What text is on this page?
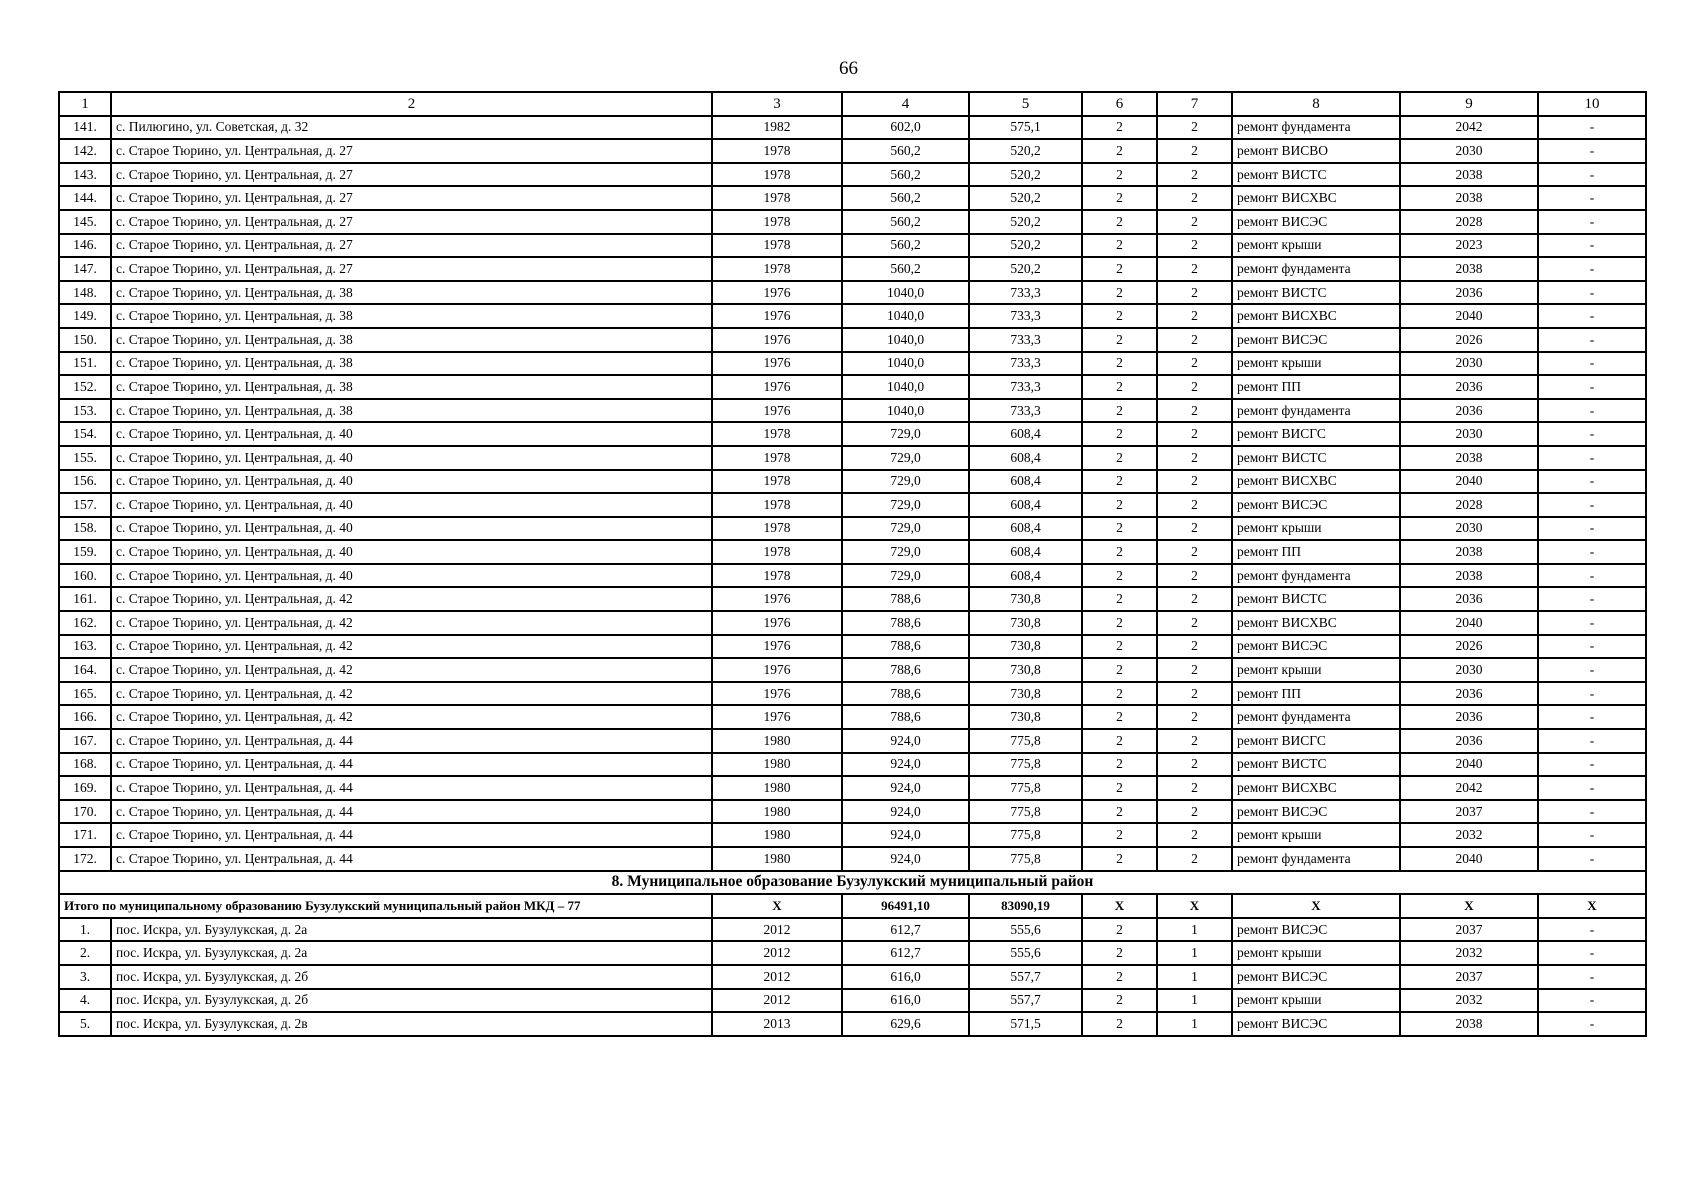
66
1	2	3	4	5	6	7	8	9	10
141.	с. Пилюгино, ул. Советская, д. 32	1982	602,0	575,1	2	2	ремонт фундамента	2042	-
142.	с. Старое Тюрино, ул. Центральная, д. 27	1978	560,2	520,2	2	2	ремонт ВИСВО	2030	-
143.	с. Старое Тюрино, ул. Центральная, д. 27	1978	560,2	520,2	2	2	ремонт ВИСТС	2038	-
144.	с. Старое Тюрино, ул. Центральная, д. 27	1978	560,2	520,2	2	2	ремонт ВИСХВС	2038	-
145.	с. Старое Тюрино, ул. Центральная, д. 27	1978	560,2	520,2	2	2	ремонт ВИСЭС	2028	-
146.	с. Старое Тюрино, ул. Центральная, д. 27	1978	560,2	520,2	2	2	ремонт крыши	2023	-
147.	с. Старое Тюрино, ул. Центральная, д. 27	1978	560,2	520,2	2	2	ремонт фундамента	2038	-
148.	с. Старое Тюрино, ул. Центральная, д. 38	1976	1040,0	733,3	2	2	ремонт ВИСТС	2036	-
149.	с. Старое Тюрино, ул. Центральная, д. 38	1976	1040,0	733,3	2	2	ремонт ВИСХВС	2040	-
150.	с. Старое Тюрино, ул. Центральная, д. 38	1976	1040,0	733,3	2	2	ремонт ВИСЭС	2026	-
151.	с. Старое Тюрино, ул. Центральная, д. 38	1976	1040,0	733,3	2	2	ремонт крыши	2030	-
152.	с. Старое Тюрино, ул. Центральная, д. 38	1976	1040,0	733,3	2	2	ремонт ПП	2036	-
153.	с. Старое Тюрино, ул. Центральная, д. 38	1976	1040,0	733,3	2	2	ремонт фундамента	2036	-
154.	с. Старое Тюрино, ул. Центральная, д. 40	1978	729,0	608,4	2	2	ремонт ВИСГС	2030	-
155.	с. Старое Тюрино, ул. Центральная, д. 40	1978	729,0	608,4	2	2	ремонт ВИСТС	2038	-
156.	с. Старое Тюрино, ул. Центральная, д. 40	1978	729,0	608,4	2	2	ремонт ВИСХВС	2040	-
157.	с. Старое Тюрино, ул. Центральная, д. 40	1978	729,0	608,4	2	2	ремонт ВИСЭС	2028	-
158.	с. Старое Тюрино, ул. Центральная, д. 40	1978	729,0	608,4	2	2	ремонт крыши	2030	-
159.	с. Старое Тюрино, ул. Центральная, д. 40	1978	729,0	608,4	2	2	ремонт ПП	2038	-
160.	с. Старое Тюрино, ул. Центральная, д. 40	1978	729,0	608,4	2	2	ремонт фундамента	2038	-
161.	с. Старое Тюрино, ул. Центральная, д. 42	1976	788,6	730,8	2	2	ремонт ВИСТС	2036	-
162.	с. Старое Тюрино, ул. Центральная, д. 42	1976	788,6	730,8	2	2	ремонт ВИСХВС	2040	-
163.	с. Старое Тюрино, ул. Центральная, д. 42	1976	788,6	730,8	2	2	ремонт ВИСЭС	2026	-
164.	с. Старое Тюрино, ул. Центральная, д. 42	1976	788,6	730,8	2	2	ремонт крыши	2030	-
165.	с. Старое Тюрино, ул. Центральная, д. 42	1976	788,6	730,8	2	2	ремонт ПП	2036	-
166.	с. Старое Тюрино, ул. Центральная, д. 42	1976	788,6	730,8	2	2	ремонт фундамента	2036	-
167.	с. Старое Тюрино, ул. Центральная, д. 44	1980	924,0	775,8	2	2	ремонт ВИСГС	2036	-
168.	с. Старое Тюрино, ул. Центральная, д. 44	1980	924,0	775,8	2	2	ремонт ВИСТС	2040	-
169.	с. Старое Тюрино, ул. Центральная, д. 44	1980	924,0	775,8	2	2	ремонт ВИСХВС	2042	-
170.	с. Старое Тюрино, ул. Центральная, д. 44	1980	924,0	775,8	2	2	ремонт ВИСЭС	2037	-
171.	с. Старое Тюрино, ул. Центральная, д. 44	1980	924,0	775,8	2	2	ремонт крыши	2032	-
172.	с. Старое Тюрино, ул. Центральная, д. 44	1980	924,0	775,8	2	2	ремонт фундамента	2040	-
8. Муниципальное образование Бузулукский муниципальный район									
Итого по муниципальному образованию Бузулукский муниципальный район МКД – 77		Х	96491,10	83090,19	Х	Х	Х	Х	Х
1.	пос. Искра, ул. Бузулукская, д. 2а	2012	612,7	555,6	2	1	ремонт ВИСЭС	2037	-
2.	пос. Искра, ул. Бузулукская, д. 2а	2012	612,7	555,6	2	1	ремонт крыши	2032	-
3.	пос. Искра, ул. Бузулукская, д. 2б	2012	616,0	557,7	2	1	ремонт ВИСЭС	2037	-
4.	пос. Искра, ул. Бузулукская, д. 2б	2012	616,0	557,7	2	1	ремонт крыши	2032	-
5.	пос. Искра, ул. Бузулукская, д. 2в	2013	629,6	571,5	2	1	ремонт ВИСЭС	2038	-
